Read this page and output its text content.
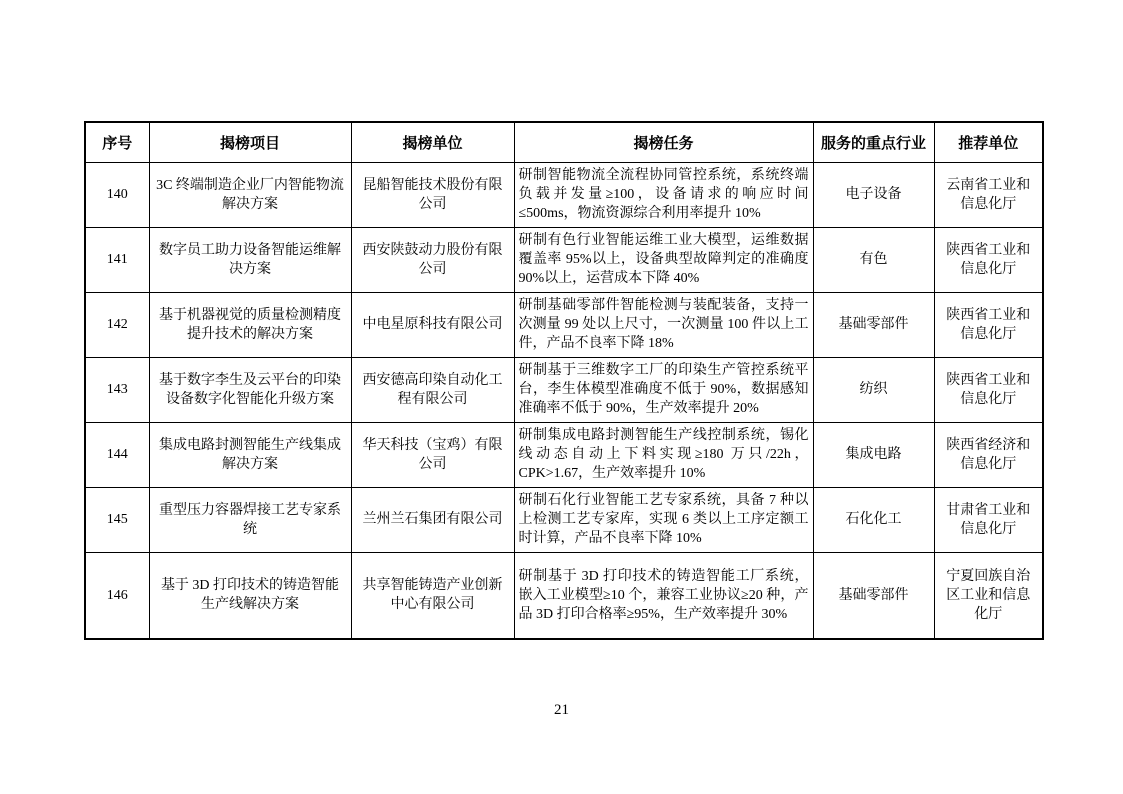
序号	揭榜项目	揭榜单位	揭榜任务	服务的重点行业	推荐单位
140	3C 终端制造企业厂内智能物流解决方案	昆船智能技术股份有限公司	研制智能物流全流程协同管控系统，系统终端负载并发量≥100，设备请求的响应时间≤500ms，物流资源综合利用率提升 10%	电子设备	云南省工业和信息化厅
141	数字员工助力设备智能运维解决方案	西安陕鼓动力股份有限公司	研制有色行业智能运维工业大模型，运维数据覆盖率 95%以上，设备典型故障判定的准确度 90%以上，运营成本下降 40%	有色	陕西省工业和信息化厅
142	基于机器视觉的质量检测精度提升技术的解决方案	中电星原科技有限公司	研制基础零部件智能检测与装配装备，支持一次测量 99 处以上尺寸，一次测量 100 件以上工件，产品不良率下降 18%	基础零部件	陕西省工业和信息化厅
143	基于数字李生及云平台的印染设备数字化智能化升级方案	西安德高印染自动化工程有限公司	研制基于三维数字工厂的印染生产管控系统平台，李生体模型准确度不低于 90%，数据感知准确率不低于 90%，生产效率提升 20%	纺织	陕西省工业和信息化厅
144	集成电路封测智能生产线集成解决方案	华天科技（宝鸡）有限公司	研制集成电路封测智能生产线控制系统，锡化线动态自动上下料实现≥180 万只/22h，CPK>1.67，生产效率提升 10%	集成电路	陕西省经济和信息化厅
145	重型压力容器焊接工艺专家系统	兰州兰石集团有限公司	研制石化行业智能工艺专家系统，具备 7 种以上检测工艺专家库，实现 6 类以上工序定额工时计算，产品不良率下降 10%	石化化工	甘肃省工业和信息化厅
146	基于 3D 打印技术的铸造智能生产线解决方案	共享智能铸造产业创新中心有限公司	研制基于 3D 打印技术的铸造智能工厂系统，嵌入工业模型≥10 个，兼容工业协议≥20 种，产品 3D 打印合格率≥95%，生产效率提升 30%	基础零部件	宁夏回族自治区工业和信息化厅
21
